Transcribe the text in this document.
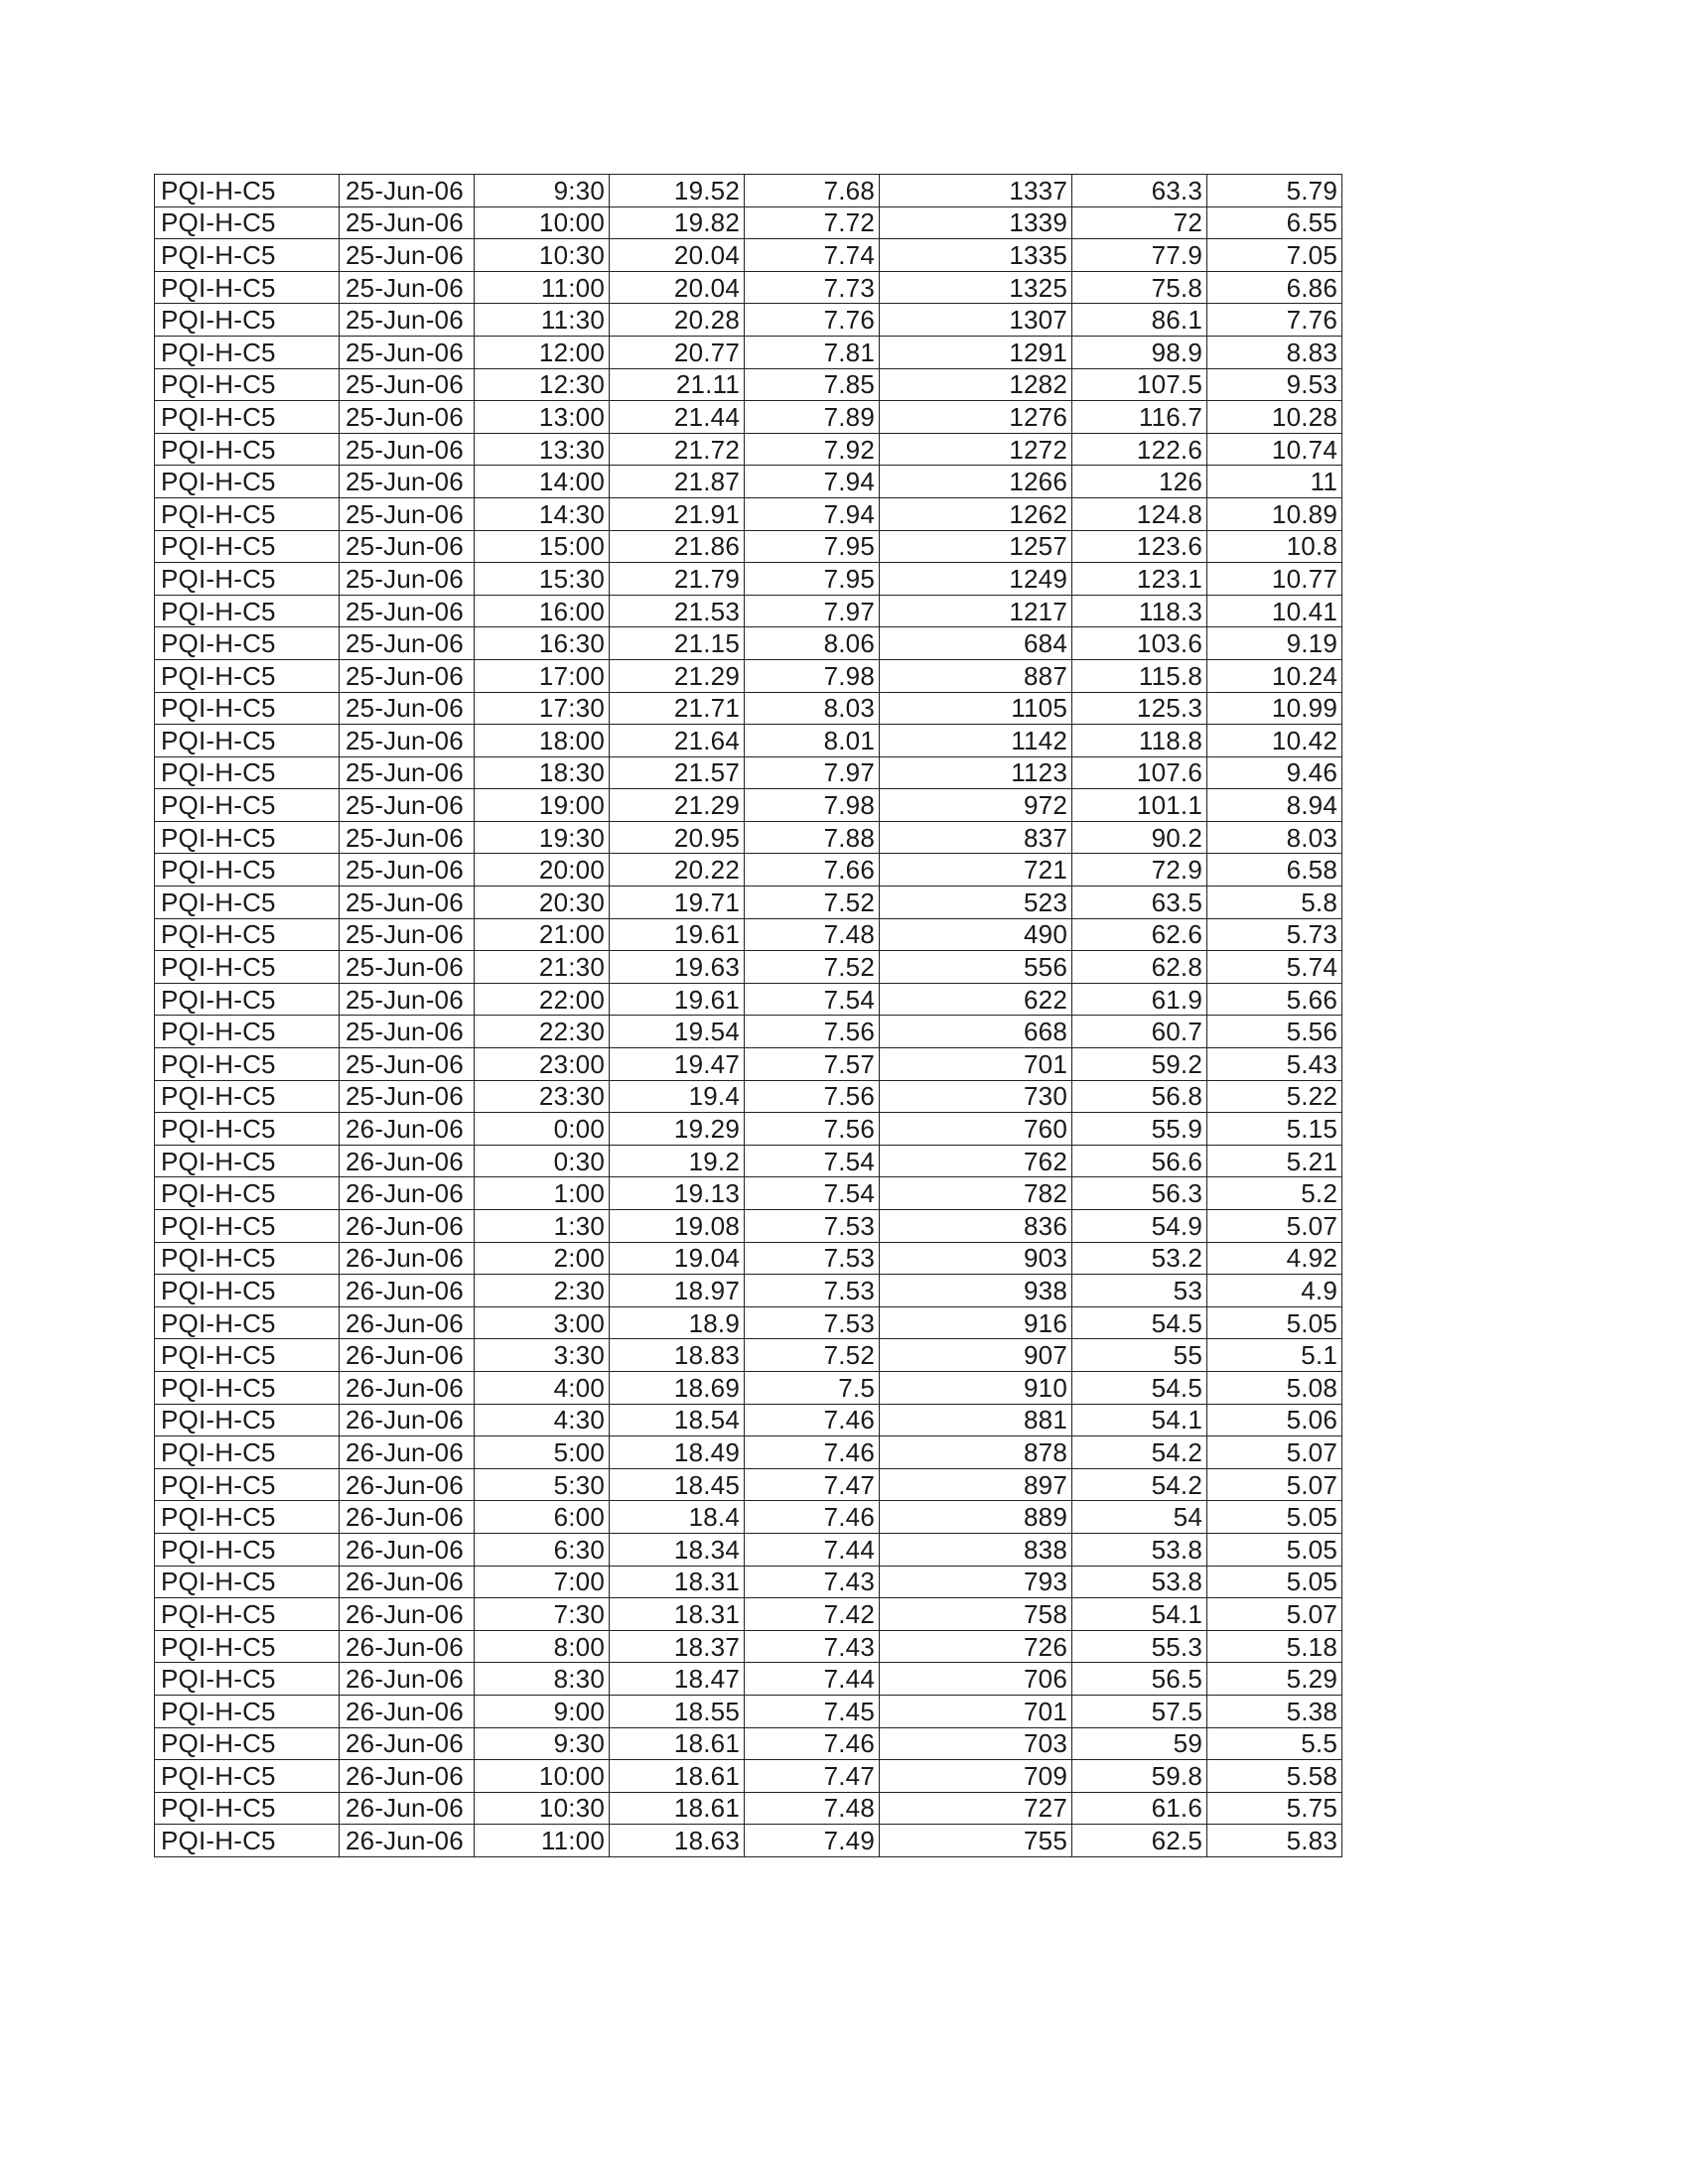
PQI-H-C5	25-Jun-06	9:30	19.52	7.68	1337	63.3	5.79
PQI-H-C5	25-Jun-06	10:00	19.82	7.72	1339	72	6.55
PQI-H-C5	25-Jun-06	10:30	20.04	7.74	1335	77.9	7.05
PQI-H-C5	25-Jun-06	11:00	20.04	7.73	1325	75.8	6.86
PQI-H-C5	25-Jun-06	11:30	20.28	7.76	1307	86.1	7.76
PQI-H-C5	25-Jun-06	12:00	20.77	7.81	1291	98.9	8.83
PQI-H-C5	25-Jun-06	12:30	21.11	7.85	1282	107.5	9.53
PQI-H-C5	25-Jun-06	13:00	21.44	7.89	1276	116.7	10.28
PQI-H-C5	25-Jun-06	13:30	21.72	7.92	1272	122.6	10.74
PQI-H-C5	25-Jun-06	14:00	21.87	7.94	1266	126	11
PQI-H-C5	25-Jun-06	14:30	21.91	7.94	1262	124.8	10.89
PQI-H-C5	25-Jun-06	15:00	21.86	7.95	1257	123.6	10.8
PQI-H-C5	25-Jun-06	15:30	21.79	7.95	1249	123.1	10.77
PQI-H-C5	25-Jun-06	16:00	21.53	7.97	1217	118.3	10.41
PQI-H-C5	25-Jun-06	16:30	21.15	8.06	684	103.6	9.19
PQI-H-C5	25-Jun-06	17:00	21.29	7.98	887	115.8	10.24
PQI-H-C5	25-Jun-06	17:30	21.71	8.03	1105	125.3	10.99
PQI-H-C5	25-Jun-06	18:00	21.64	8.01	1142	118.8	10.42
PQI-H-C5	25-Jun-06	18:30	21.57	7.97	1123	107.6	9.46
PQI-H-C5	25-Jun-06	19:00	21.29	7.98	972	101.1	8.94
PQI-H-C5	25-Jun-06	19:30	20.95	7.88	837	90.2	8.03
PQI-H-C5	25-Jun-06	20:00	20.22	7.66	721	72.9	6.58
PQI-H-C5	25-Jun-06	20:30	19.71	7.52	523	63.5	5.8
PQI-H-C5	25-Jun-06	21:00	19.61	7.48	490	62.6	5.73
PQI-H-C5	25-Jun-06	21:30	19.63	7.52	556	62.8	5.74
PQI-H-C5	25-Jun-06	22:00	19.61	7.54	622	61.9	5.66
PQI-H-C5	25-Jun-06	22:30	19.54	7.56	668	60.7	5.56
PQI-H-C5	25-Jun-06	23:00	19.47	7.57	701	59.2	5.43
PQI-H-C5	25-Jun-06	23:30	19.4	7.56	730	56.8	5.22
PQI-H-C5	26-Jun-06	0:00	19.29	7.56	760	55.9	5.15
PQI-H-C5	26-Jun-06	0:30	19.2	7.54	762	56.6	5.21
PQI-H-C5	26-Jun-06	1:00	19.13	7.54	782	56.3	5.2
PQI-H-C5	26-Jun-06	1:30	19.08	7.53	836	54.9	5.07
PQI-H-C5	26-Jun-06	2:00	19.04	7.53	903	53.2	4.92
PQI-H-C5	26-Jun-06	2:30	18.97	7.53	938	53	4.9
PQI-H-C5	26-Jun-06	3:00	18.9	7.53	916	54.5	5.05
PQI-H-C5	26-Jun-06	3:30	18.83	7.52	907	55	5.1
PQI-H-C5	26-Jun-06	4:00	18.69	7.5	910	54.5	5.08
PQI-H-C5	26-Jun-06	4:30	18.54	7.46	881	54.1	5.06
PQI-H-C5	26-Jun-06	5:00	18.49	7.46	878	54.2	5.07
PQI-H-C5	26-Jun-06	5:30	18.45	7.47	897	54.2	5.07
PQI-H-C5	26-Jun-06	6:00	18.4	7.46	889	54	5.05
PQI-H-C5	26-Jun-06	6:30	18.34	7.44	838	53.8	5.05
PQI-H-C5	26-Jun-06	7:00	18.31	7.43	793	53.8	5.05
PQI-H-C5	26-Jun-06	7:30	18.31	7.42	758	54.1	5.07
PQI-H-C5	26-Jun-06	8:00	18.37	7.43	726	55.3	5.18
PQI-H-C5	26-Jun-06	8:30	18.47	7.44	706	56.5	5.29
PQI-H-C5	26-Jun-06	9:00	18.55	7.45	701	57.5	5.38
PQI-H-C5	26-Jun-06	9:30	18.61	7.46	703	59	5.5
PQI-H-C5	26-Jun-06	10:00	18.61	7.47	709	59.8	5.58
PQI-H-C5	26-Jun-06	10:30	18.61	7.48	727	61.6	5.75
PQI-H-C5	26-Jun-06	11:00	18.63	7.49	755	62.5	5.83
